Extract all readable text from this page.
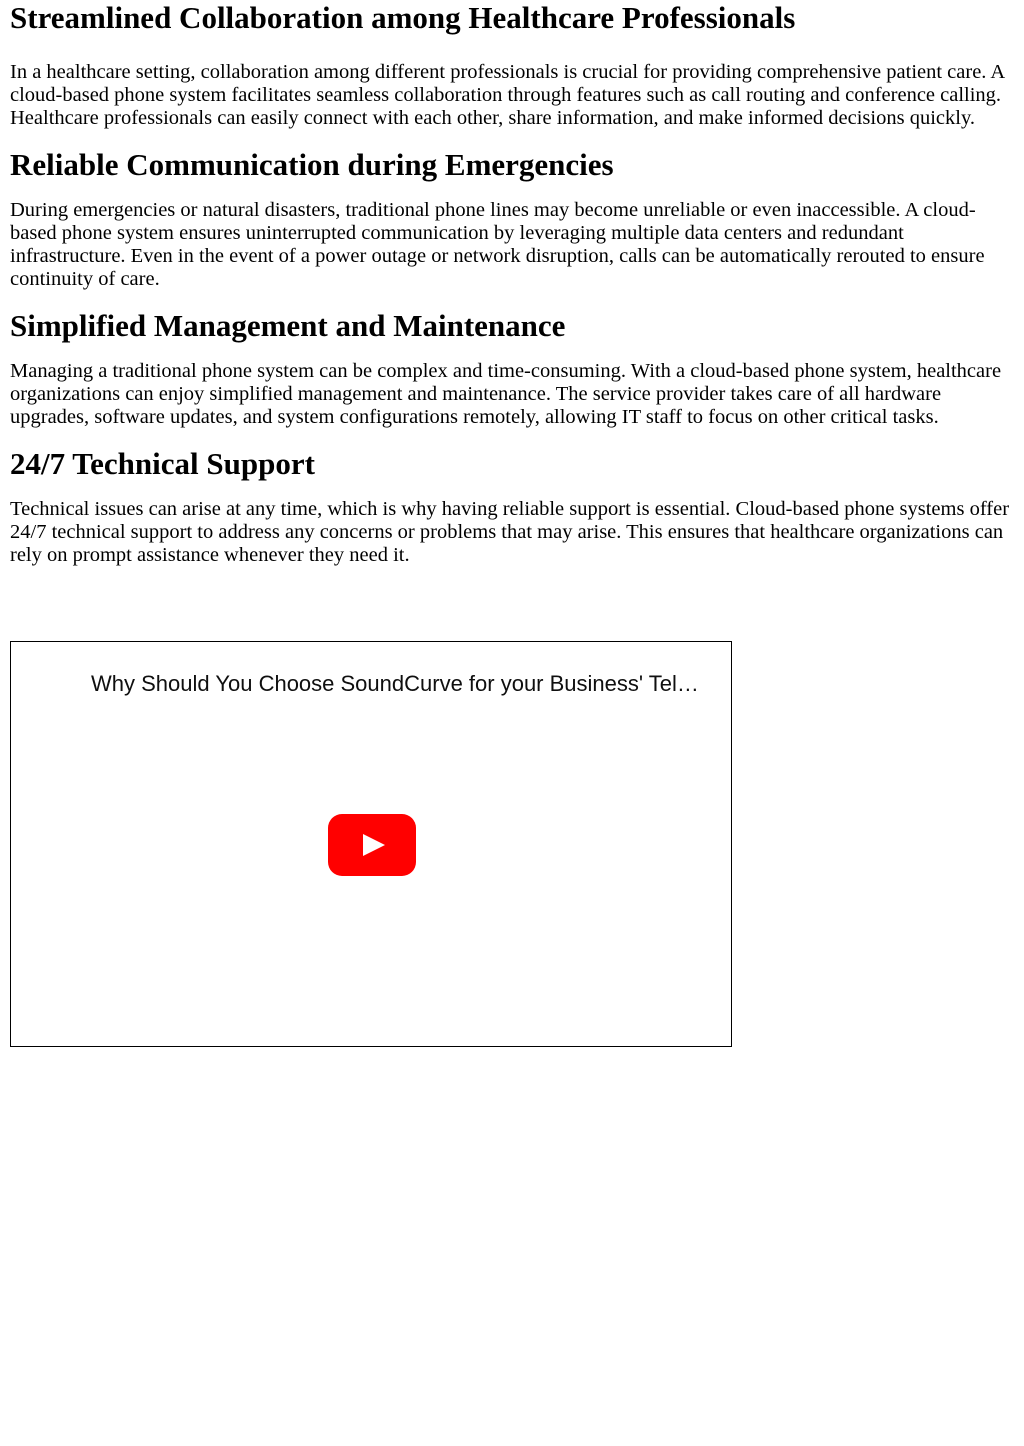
Streamlined Collaboration among Healthcare Professionals

In a healthcare setting, collaboration among different professionals is crucial for providing comprehensive patient care. A cloud-based phone system facilitates seamless collaboration through features such as call routing and conference calling. Healthcare professionals can easily connect with each other, share information, and make informed decisions quickly.

Reliable Communication during Emergencies

During emergencies or natural disasters, traditional phone lines may become unreliable or even inaccessible. A cloud-based phone system ensures uninterrupted communication by leveraging multiple data centers and redundant infrastructure. Even in the event of a power outage or network disruption, calls can be automatically rerouted to ensure continuity of care.

Simplified Management and Maintenance

Managing a traditional phone system can be complex and time-consuming. With a cloud-based phone system, healthcare organizations can enjoy simplified management and maintenance. The service provider takes care of all hardware upgrades, software updates, and system configurations remotely, allowing IT staff to focus on other critical tasks.

24/7 Technical Support

Technical issues can arise at any time, which is why having reliable support is essential. Cloud-based phone systems offer 24/7 technical support to address any concerns or problems that may arise. This ensures that healthcare organizations can rely on prompt assistance whenever they need it.

Why Should You Choose SoundCurve for your Business' Tel…
